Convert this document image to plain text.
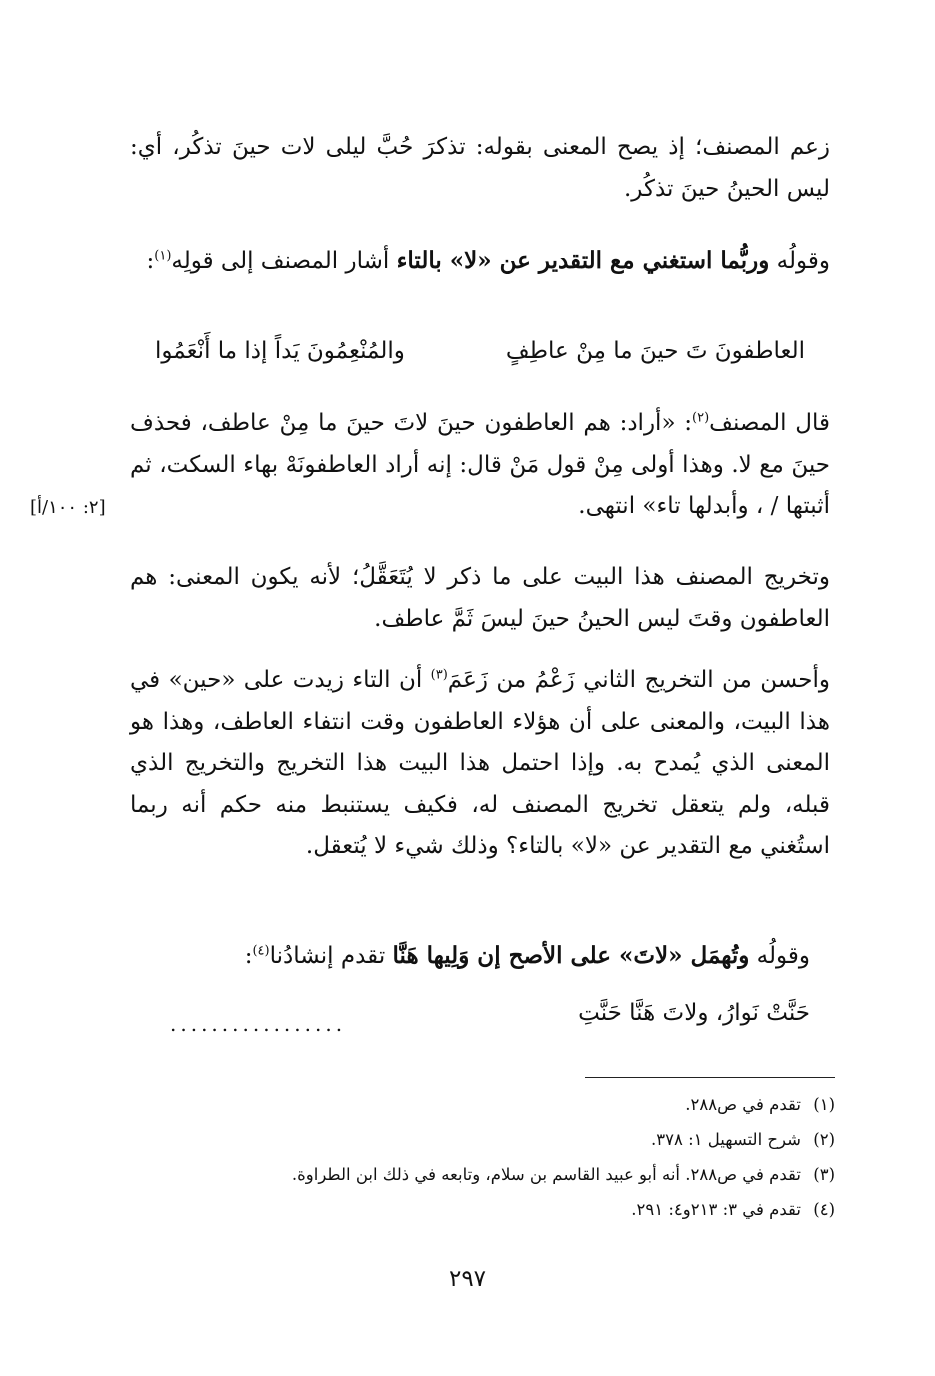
زعم المصنف؛ إذ يصح المعنى بقوله: تذكرَ حُبَّ ليلى لات حينَ تذكُر، أي: ليس الحينُ حينَ تذكُر.
وقولُه وربُّما استغني مع التقدير عن «لا» بالتاء أشار المصنف إلى قولِه$^{(١)}$:
العاطفونَ تَ حينَ ما مِنْ عاطِفٍ
والمُنْعِمُونَ يَداً إذا ما أَنْعَمُوا
قال المصنف$^{(٢)}$: «أراد: هم العاطفون حينَ لاتَ حينَ ما مِنْ عاطف، فحذف حينَ مع لا. وهذا أولى مِنْ قول مَنْ قال: إنه أراد العاطفونَهْ بهاء السكت، ثم أثبتها / ، وأبدلها تاء» انتهى.
[٢: ١٠٠/أ]
وتخريج المصنف هذا البيت على ما ذكر لا يُتَعَقَّلُ؛ لأنه يكون المعنى: هم العاطفون وقتَ ليس الحينُ حينَ ليسَ ثَمَّ عاطف.
وأحسن من التخريج الثاني زَعْمُ من زَعَمَ$^{(٣)}$ أن التاء زيدت على «حين» في هذا البيت، والمعنى على أن هؤلاء العاطفون وقت انتفاء العاطف، وهذا هو المعنى الذي يُمدح به. وإذا احتمل هذا البيت هذا التخريج والتخريج الذي قبله، ولم يتعقل تخريج المصنف له، فكيف يستنبط منه حكم أنه ربما استُغني مع التقدير عن «لا» بالتاء؟ وذلك شيء لا يُتعقل.
وقولُه وتُهمَل «لاتَ» على الأصح إن وَلِيها هَنَّا تقدم إنشادُنا$^{(٤)}$:
حَنَّتْ نَوارُ، ولاتَ هَنَّا حَنَّتِ
.................
(١)تقدم في ص٢٨٨.
(٢)شرح التسهيل ١: ٣٧٨.
(٣)تقدم في ص٢٨٨. أنه أبو عبيد القاسم بن سلام، وتابعه في ذلك ابن الطراوة.
(٤)تقدم في ٣: ٢١٣و٤: ٢٩١.
٢٩٧
